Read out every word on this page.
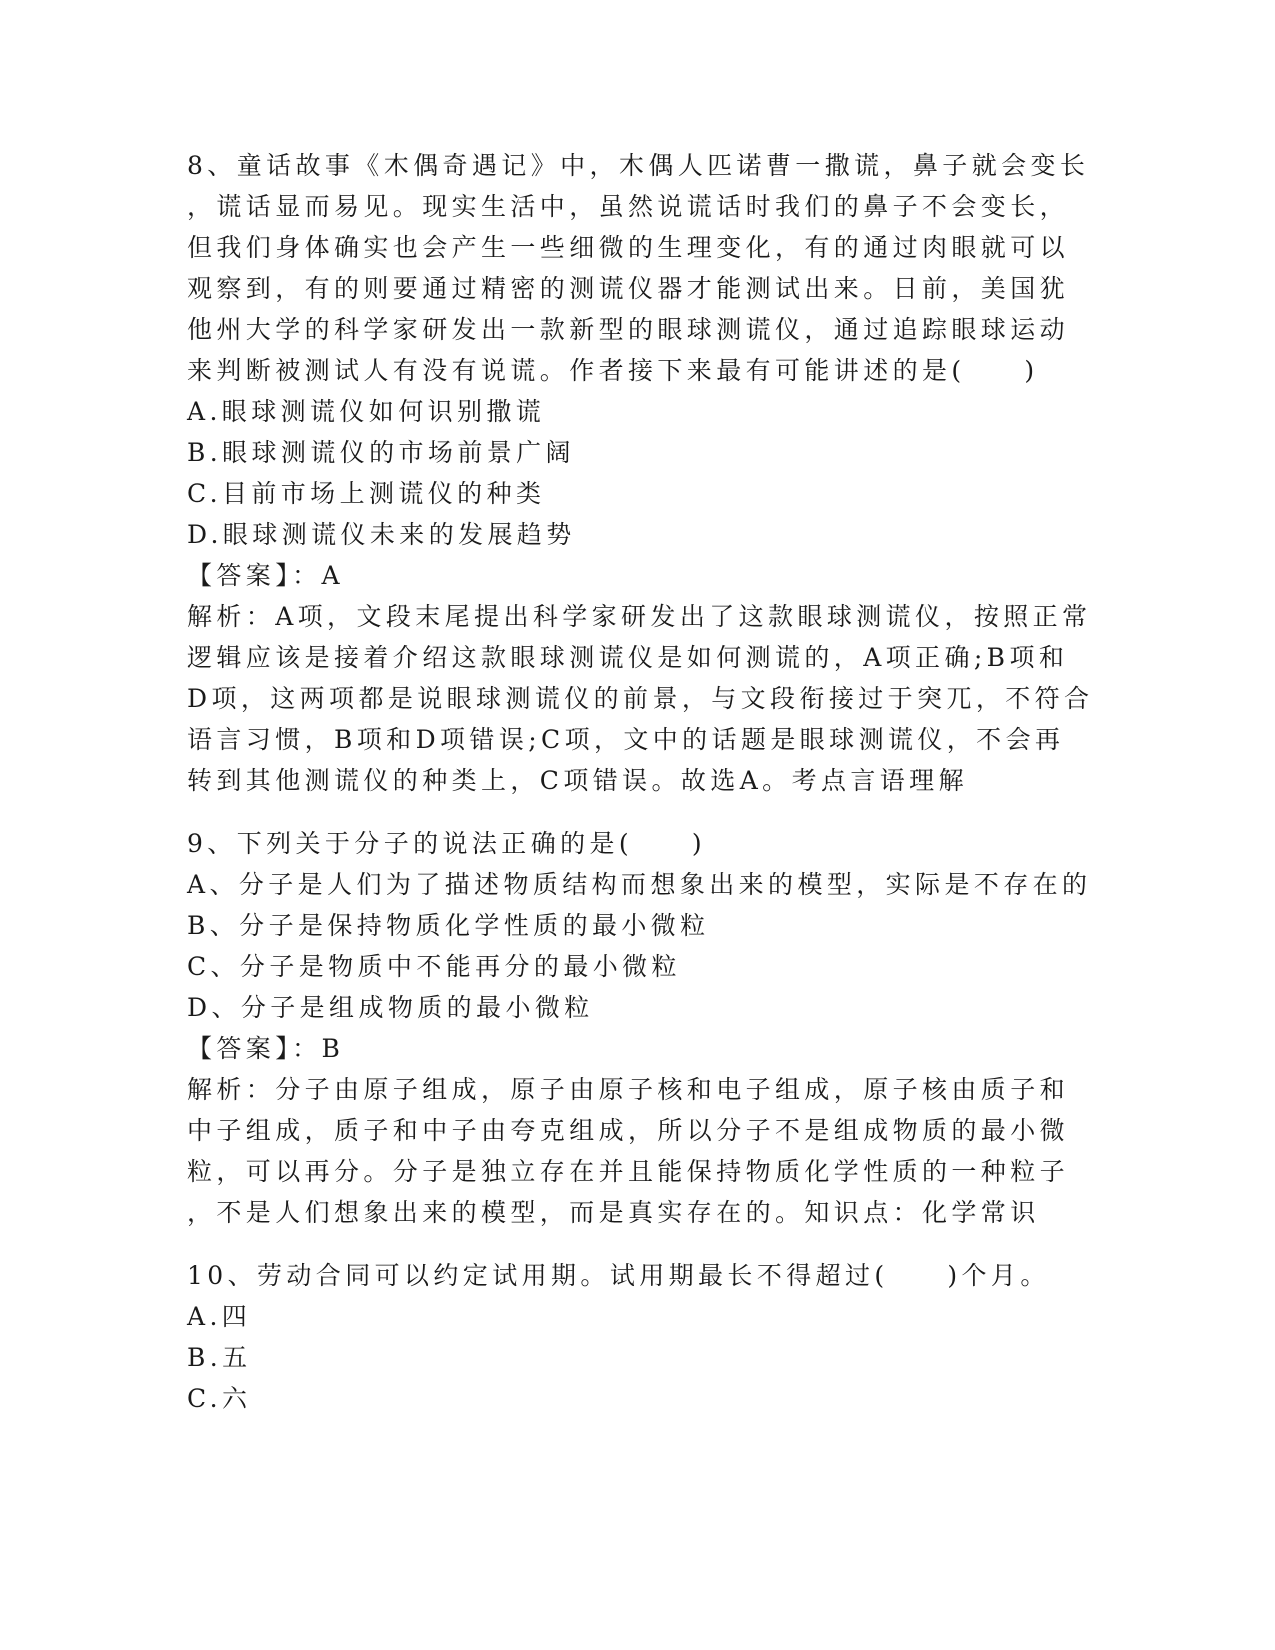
8、童话故事《木偶奇遇记》中，木偶人匹诺曹一撒谎，鼻子就会变长
，谎话显而易见。现实生活中，虽然说谎话时我们的鼻子不会变长，
但我们身体确实也会产生一些细微的生理变化，有的通过肉眼就可以
观察到，有的则要通过精密的测谎仪器才能测试出来。日前，美国犹
他州大学的科学家研发出一款新型的眼球测谎仪，通过追踪眼球运动
来判断被测试人有没有说谎。作者接下来最有可能讲述的是(　　)
A.眼球测谎仪如何识别撒谎
B.眼球测谎仪的市场前景广阔
C.目前市场上测谎仪的种类
D.眼球测谎仪未来的发展趋势
【答案】：A
解析：A项，文段末尾提出科学家研发出了这款眼球测谎仪，按照正常
逻辑应该是接着介绍这款眼球测谎仪是如何测谎的，A项正确;B项和
D项，这两项都是说眼球测谎仪的前景，与文段衔接过于突兀，不符合
语言习惯，B项和D项错误;C项，文中的话题是眼球测谎仪，不会再
转到其他测谎仪的种类上，C项错误。故选A。考点言语理解
9、下列关于分子的说法正确的是(　　)
A、分子是人们为了描述物质结构而想象出来的模型，实际是不存在的
B、分子是保持物质化学性质的最小微粒
C、分子是物质中不能再分的最小微粒
D、分子是组成物质的最小微粒
【答案】：B
解析：分子由原子组成，原子由原子核和电子组成，原子核由质子和
中子组成，质子和中子由夸克组成，所以分子不是组成物质的最小微
粒，可以再分。分子是独立存在并且能保持物质化学性质的一种粒子
，不是人们想象出来的模型，而是真实存在的。知识点：化学常识
10、劳动合同可以约定试用期。试用期最长不得超过(　　)个月。
A.四
B.五
C.六
